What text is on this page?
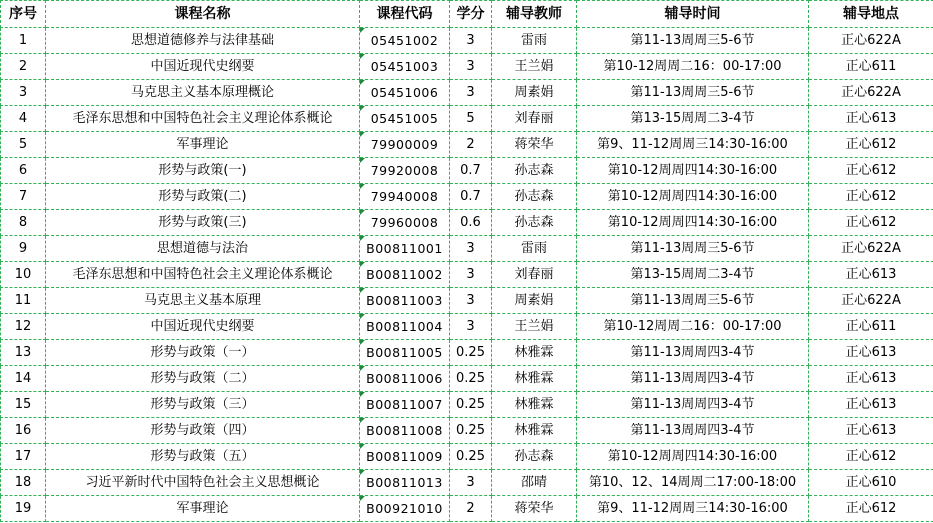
序号	课程名称	课程代码	学分	辅导教师	辅导时间	辅导地点
1	思想道德修养与法律基础	05451002	3	雷雨	第11-13周周三5-6节	正心622A
2	中国近现代史纲要	05451003	3	王兰娟	第10-12周周二16：00-17:00	正心611
3	马克思主义基本原理概论	05451006	3	周素娟	第11-13周周三5-6节	正心622A
4	毛泽东思想和中国特色社会主义理论体系概论	05451005	5	刘春丽	第13-15周周二3-4节	正心613
5	军事理论	79900009	2	蒋荣华	第9、11-12周周三14:30-16:00	正心612
6	形势与政策(一)	79920008	0.7	孙志森	第10-12周周四14:30-16:00	正心612
7	形势与政策(二)	79940008	0.7	孙志森	第10-12周周四14:30-16:00	正心612
8	形势与政策(三)	79960008	0.6	孙志森	第10-12周周四14:30-16:00	正心612
9	思想道德与法治	B00811001	3	雷雨	第11-13周周三5-6节	正心622A
10	毛泽东思想和中国特色社会主义理论体系概论	B00811002	3	刘春丽	第13-15周周二3-4节	正心613
11	马克思主义基本原理	B00811003	3	周素娟	第11-13周周三5-6节	正心622A
12	中国近现代史纲要	B00811004	3	王兰娟	第10-12周周二16：00-17:00	正心611
13	形势与政策（一）	B00811005	0.25	林雅霖	第11-13周周四3-4节	正心613
14	形势与政策（二）	B00811006	0.25	林雅霖	第11-13周周四3-4节	正心613
15	形势与政策（三）	B00811007	0.25	林雅霖	第11-13周周四3-4节	正心613
16	形势与政策（四）	B00811008	0.25	林雅霖	第11-13周周四3-4节	正心613
17	形势与政策（五）	B00811009	0.25	孙志森	第10-12周周四14:30-16:00	正心612
18	习近平新时代中国特色社会主义思想概论	B00811013	3	邵晴	第10、12、14周周二17:00-18:00	正心610
19	军事理论	B00921010	2	蒋荣华	第9、11-12周周三14:30-16:00	正心612
